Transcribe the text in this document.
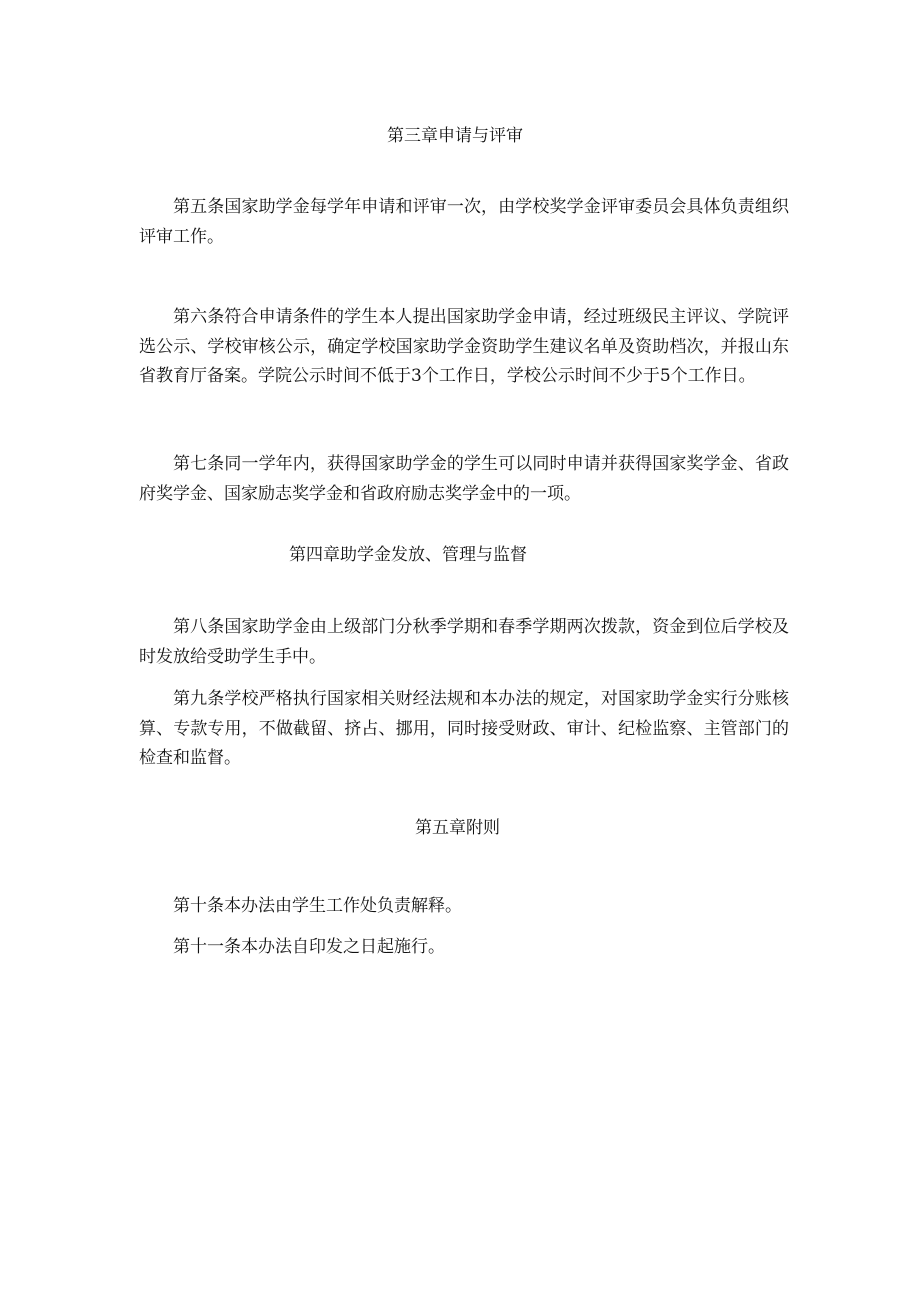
第三章申请与评审

第五条国家助学金每学年申请和评审一次，由学校奖学金评审委员会具体负责组织评审工作。

第六条符合申请条件的学生本人提出国家助学金申请，经过班级民主评议、学院评选公示、学校审核公示，确定学校国家助学金资助学生建议名单及资助档次，并报山东省教育厅备案。学院公示时间不低于3个工作日，学校公示时间不少于5个工作日。

第七条同一学年内，获得国家助学金的学生可以同时申请并获得国家奖学金、省政府奖学金、国家励志奖学金和省政府励志奖学金中的一项。

第四章助学金发放、管理与监督

第八条国家助学金由上级部门分秋季学期和春季学期两次拨款，资金到位后学校及时发放给受助学生手中。

第九条学校严格执行国家相关财经法规和本办法的规定，对国家助学金实行分账核算、专款专用，不做截留、挤占、挪用，同时接受财政、审计、纪检监察、主管部门的检查和监督。

第五章附则

第十条本办法由学生工作处负责解释。

第十一条本办法自印发之日起施行。
